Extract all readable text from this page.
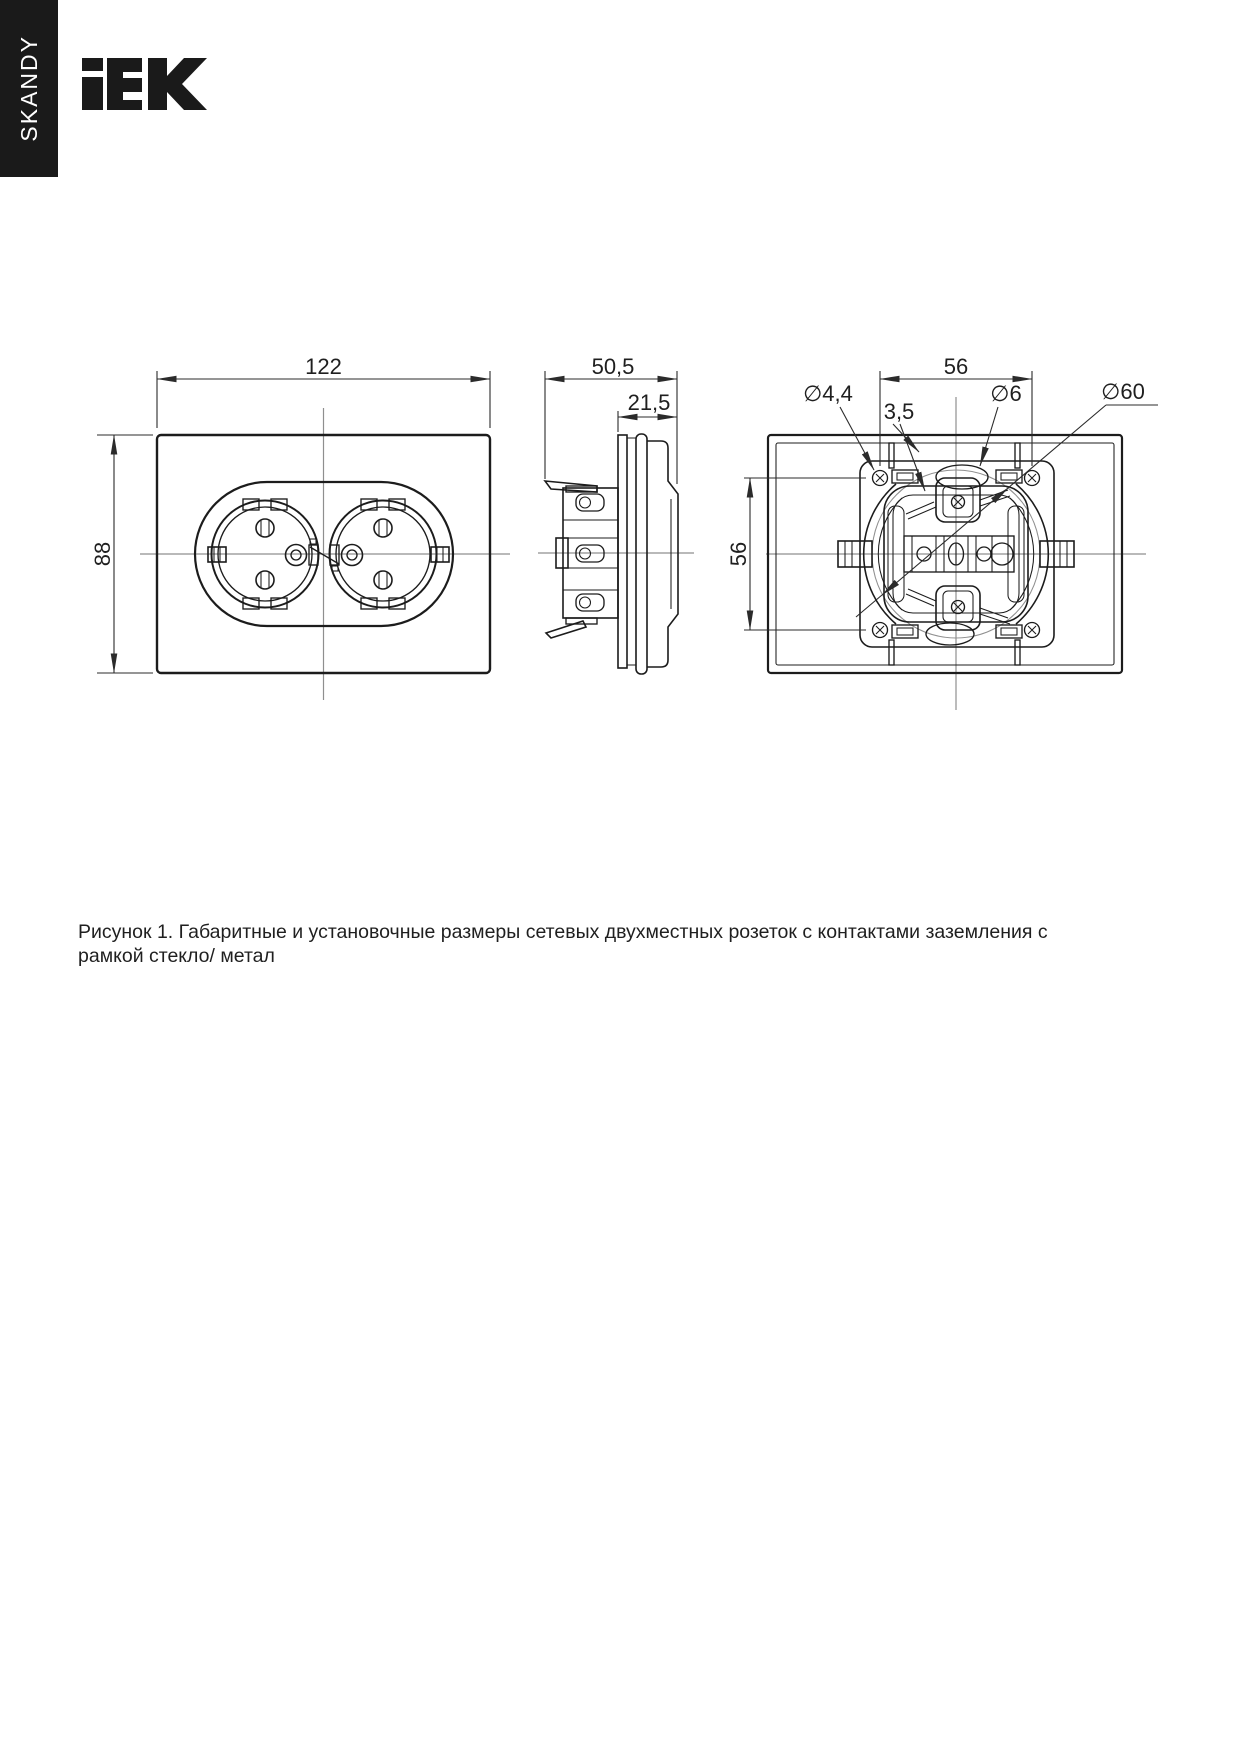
SKANDY
122
88
50,5
21,5
56
56
∅4,4
3,5
∅6	∅60
Рисунок 1. Габаритные и установочные размеры сетевых двухместных розеток с контактами заземления с
рамкой стекло/ метал
